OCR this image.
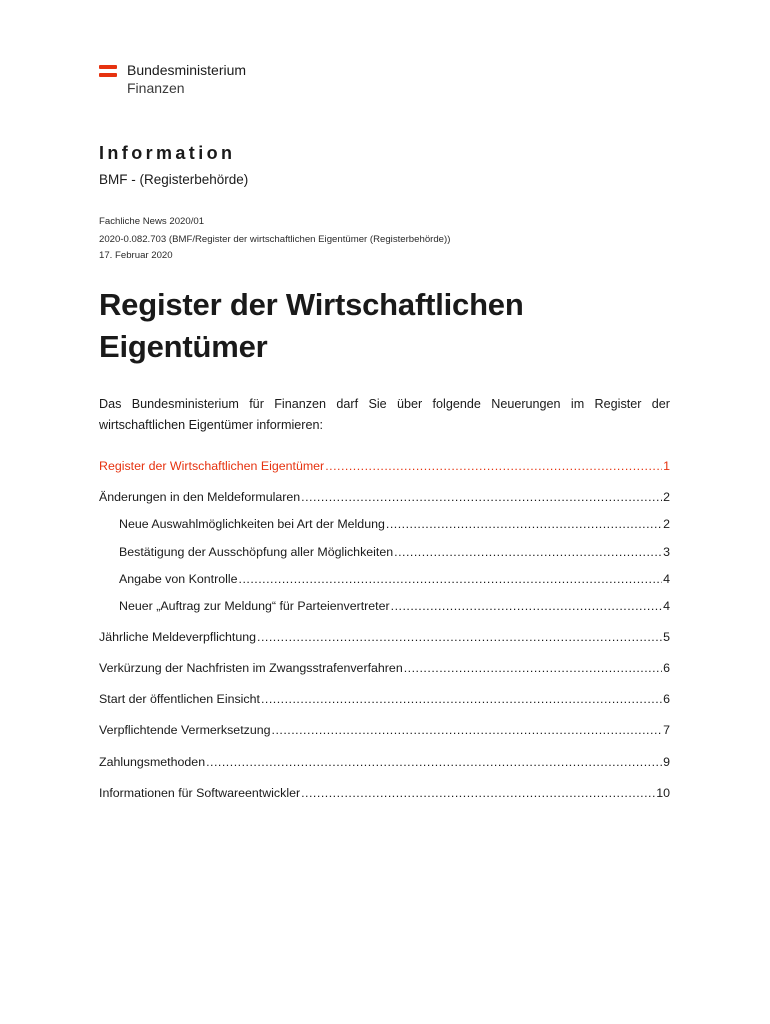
Bundesministerium
Finanzen
Information
BMF - (Registerbehörde)
Fachliche News 2020/01
2020-0.082.703 (BMF/Register der wirtschaftlichen Eigentümer (Registerbehörde))
17. Februar 2020
Register der Wirtschaftlichen Eigentümer
Das Bundesministerium für Finanzen darf Sie über folgende Neuerungen im Register der wirtschaftlichen Eigentümer informieren:
Register der Wirtschaftlichen Eigentümer .....	1
Änderungen in den Meldeformularen .....	2
Neue Auswahlmöglichkeiten bei Art der Meldung .....	2
Bestätigung der Ausschöpfung aller Möglichkeiten .....	3
Angabe von Kontrolle .....	4
Neuer „Auftrag zur Meldung“ für Parteienvertreter .....	4
Jährliche Meldeverpflichtung .....	5
Verkürzung der Nachfristen im Zwangsstrafenverfahren .....	6
Start der öffentlichen Einsicht .....	6
Verpflichtende Vermerksetzung .....	7
Zahlungsmethoden .....	9
Informationen für Softwareentwickler .....	10
